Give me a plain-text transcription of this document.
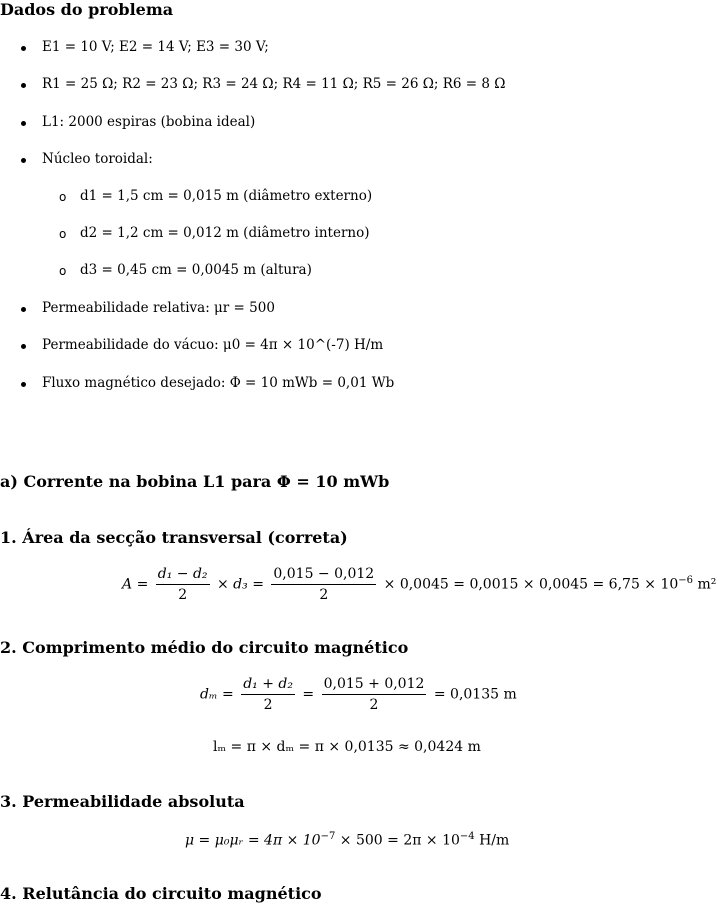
Dados do problema
E1 = 10 V; E2 = 14 V; E3 = 30 V;
R1 = 25 Ω; R2 = 23 Ω; R3 = 24 Ω; R4 = 11 Ω; R5 = 26 Ω; R6 = 8 Ω
L1: 2000 espiras (bobina ideal)
Núcleo toroidal:
o d1 = 1,5 cm = 0,015 m (diâmetro externo)
o d2 = 1,2 cm = 0,012 m (diâmetro interno)
o d3 = 0,45 cm = 0,0045 m (altura)
Permeabilidade relativa: μr = 500
Permeabilidade do vácuo: μ0 = 4π × 10^(-7) H/m
Fluxo magnético desejado: Φ = 10 mWb = 0,01 Wb
a) Corrente na bobina L1 para Φ = 10 mWb
1. Área da secção transversal (correta)
$A = \frac{\text{d₁ − d₂}}{2} \times d_3 = \frac{0,015 - 0,012}{2} \times 0,0045 = 0,0015 \times 0,0045 = 6,75 \times 10^{-6}$ m²
2. Comprimento médio do circuito magnético
$d_m = \frac{\text{d₁ + d₂}}{2} = \frac{0,015 + 0,012}{2} = 0,0135$ m
lₘ = π × dₘ = π × 0,0135 ≈ 0,0424 m
3. Permeabilidade absoluta
μ = μ₀μᵣ = $4\pi \times 10^{-7} \times 500 = 2\pi \times 10^{-4}$ H/m
4. Relutância do circuito magnético
